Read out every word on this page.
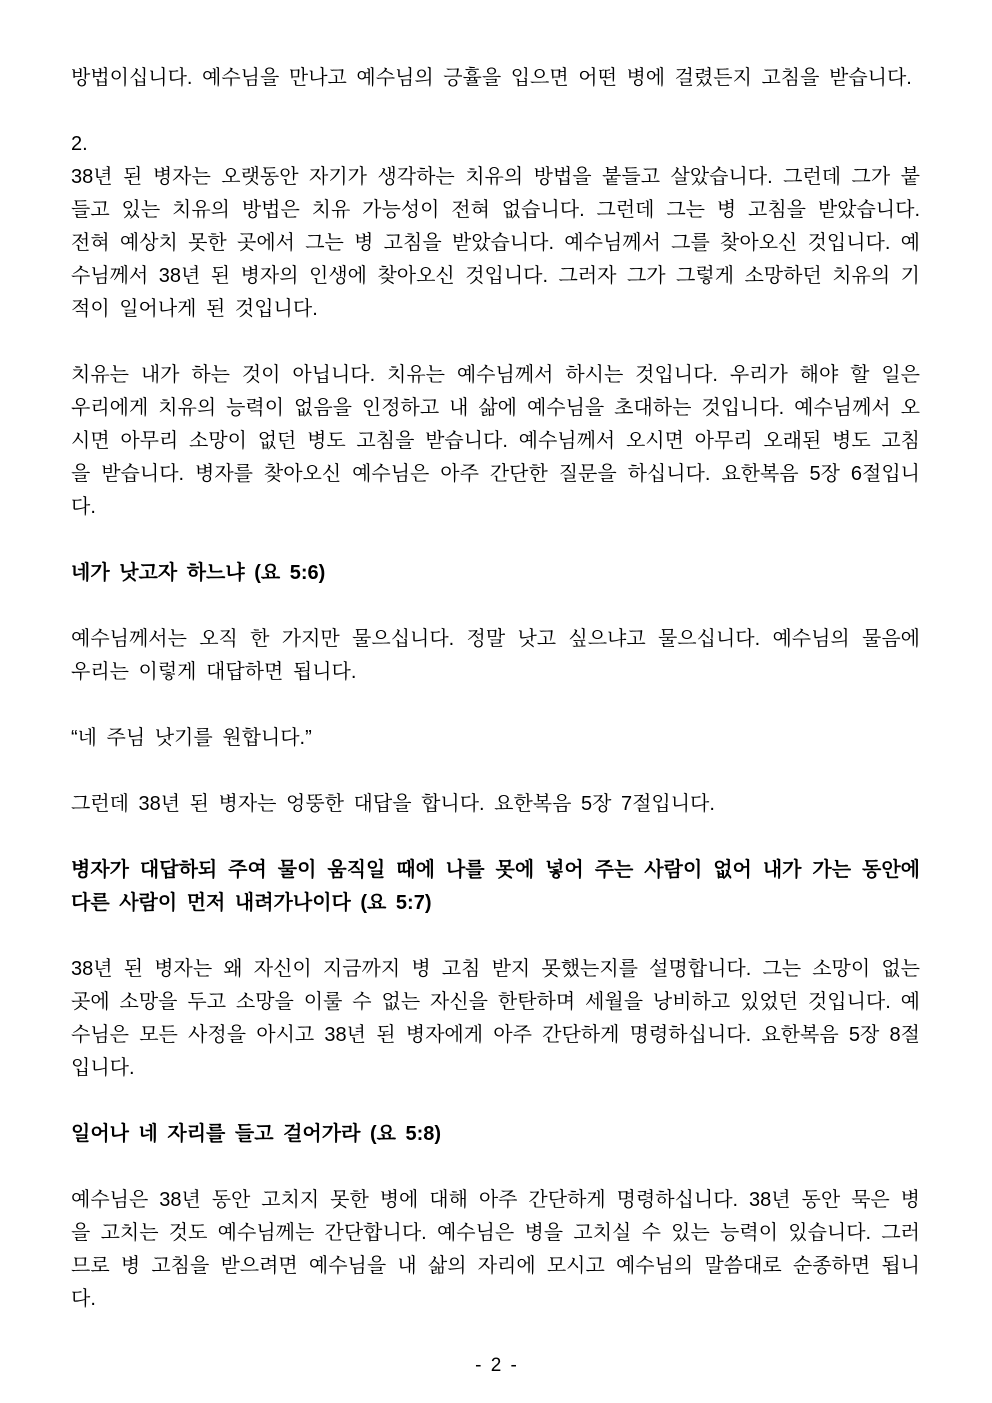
방법이십니다. 예수님을 만나고 예수님의 긍휼을 입으면 어떤 병에 걸렸든지 고침을 받습니다.

2.

38년 된 병자는 오랫동안 자기가 생각하는 치유의 방법을 붙들고 살았습니다. 그런데 그가 붙들고 있는 치유의 방법은 치유 가능성이 전혀 없습니다. 그런데 그는 병 고침을 받았습니다. 전혀 예상치 못한 곳에서 그는 병 고침을 받았습니다. 예수님께서 그를 찾아오신 것입니다. 예수님께서 38년 된 병자의 인생에 찾아오신 것입니다. 그러자 그가 그렇게 소망하던 치유의 기적이 일어나게 된 것입니다.

치유는 내가 하는 것이 아닙니다. 치유는 예수님께서 하시는 것입니다. 우리가 해야 할 일은 우리에게 치유의 능력이 없음을 인정하고 내 삶에 예수님을 초대하는 것입니다. 예수님께서 오시면 아무리 소망이 없던 병도 고침을 받습니다. 예수님께서 오시면 아무리 오래된 병도 고침을 받습니다. 병자를 찾아오신 예수님은 아주 간단한 질문을 하십니다. 요한복음 5장 6절입니다.

네가 낫고자 하느냐 (요 5:6)

예수님께서는 오직 한 가지만 물으십니다. 정말 낫고 싶으냐고 물으십니다. 예수님의 물음에 우리는 이렇게 대답하면 됩니다.

“네 주님 낫기를 원합니다.”

그런데 38년 된 병자는 엉뚱한 대답을 합니다. 요한복음 5장 7절입니다.

병자가 대답하되 주여 물이 움직일 때에 나를 못에 넣어 주는 사람이 없어 내가 가는 동안에 다른 사람이 먼저 내려가나이다 (요 5:7)

38년 된 병자는 왜 자신이 지금까지 병 고침 받지 못했는지를 설명합니다. 그는 소망이 없는 곳에 소망을 두고 소망을 이룰 수 없는 자신을 한탄하며 세월을 낭비하고 있었던 것입니다. 예수님은 모든 사정을 아시고 38년 된 병자에게 아주 간단하게 명령하십니다. 요한복음 5장 8절입니다.

일어나 네 자리를 들고 걸어가라 (요 5:8)

예수님은 38년 동안 고치지 못한 병에 대해 아주 간단하게 명령하십니다. 38년 동안 묵은 병을 고치는 것도 예수님께는 간단합니다. 예수님은 병을 고치실 수 있는 능력이 있습니다. 그러므로 병 고침을 받으려면 예수님을 내 삶의 자리에 모시고 예수님의 말씀대로 순종하면 됩니다.

- 2 -
